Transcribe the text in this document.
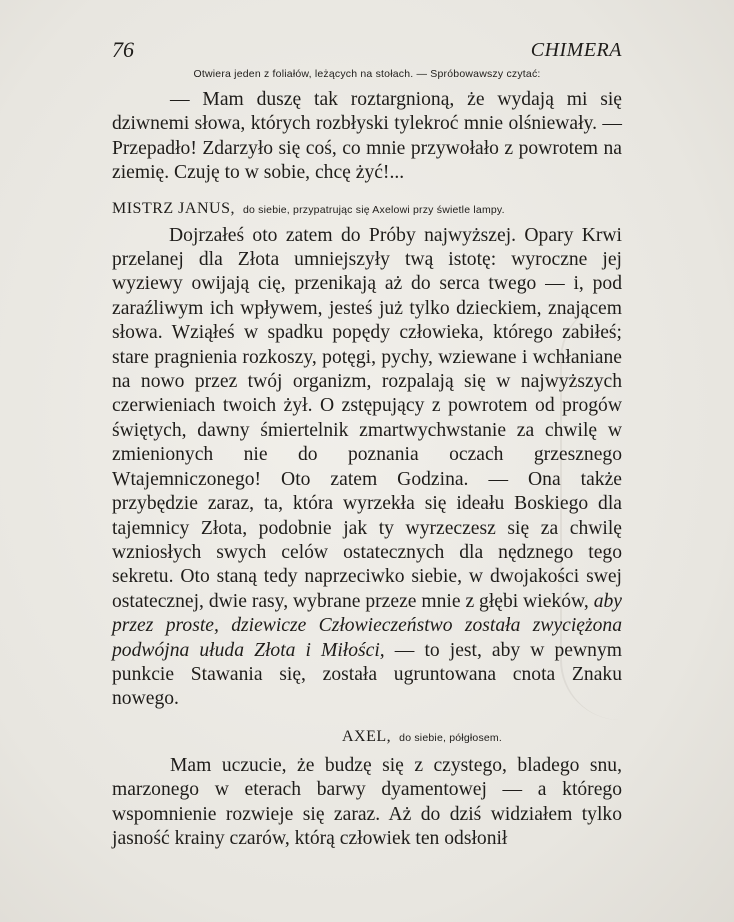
76	CHIMERA

Otwiera jeden z foliałów, leżących na stołach. — Spróbowawszy czytać:

— Mam duszę tak roztargnioną, że wydają mi się dziwnemi słowa, których rozbłyski tylekroć mnie olśniewały. — Przepadło! Zdarzyło się coś, co mnie przywołało z powrotem na ziemię. Czuję to w sobie, chcę żyć!...

MISTRZ JANUS, do siebie, przypatrując się Axelowi przy świetle lampy.

Dojrzałeś oto zatem do Próby najwyższej. Opary Krwi przelanej dla Złota umniejszyły twą istotę: wyroczne jej wyziewy owijają cię, przenikają aż do serca twego — i, pod zaraźliwym ich wpływem, jesteś już tylko dzieckiem, znającem słowa. Wziąłeś w spadku popędy człowieka, którego zabiłeś; stare pragnienia rozkoszy, potęgi, pychy, wziewane i wchłaniane na nowo przez twój organizm, rozpalają się w najwyższych czerwieniach twoich żył. O zstępujący z powrotem od progów świętych, dawny śmiertelnik zmartwychwstanie za chwilę w zmienionych nie do poznania oczach grzesznego Wtajemniczonego! Oto zatem Godzina. — Ona także przybędzie zaraz, ta, która wyrzekła się ideału Boskiego dla tajemnicy Złota, podobnie jak ty wyrzeczesz się za chwilę wzniosłych swych celów ostatecznych dla nędznego tego sekretu. Oto staną tedy naprzeciwko siebie, w dwojakości swej ostatecznej, dwie rasy, wybrane przeze mnie z głębi wieków, aby przez proste, dziewicze Człowieczeństwo została zwyciężona podwójna ułuda Złota i Miłości, — to jest, aby w pewnym punkcie Stawania się, została ugruntowana cnota Znaku nowego.

AXEL, do siebie, półgłosem.

Mam uczucie, że budzę się z czystego, bladego snu, marzonego w eterach barwy dyamentowej — a którego wspomnienie rozwieje się zaraz. Aż do dziś widziałem tylko jasność krainy czarów, którą człowiek ten odsłonił
